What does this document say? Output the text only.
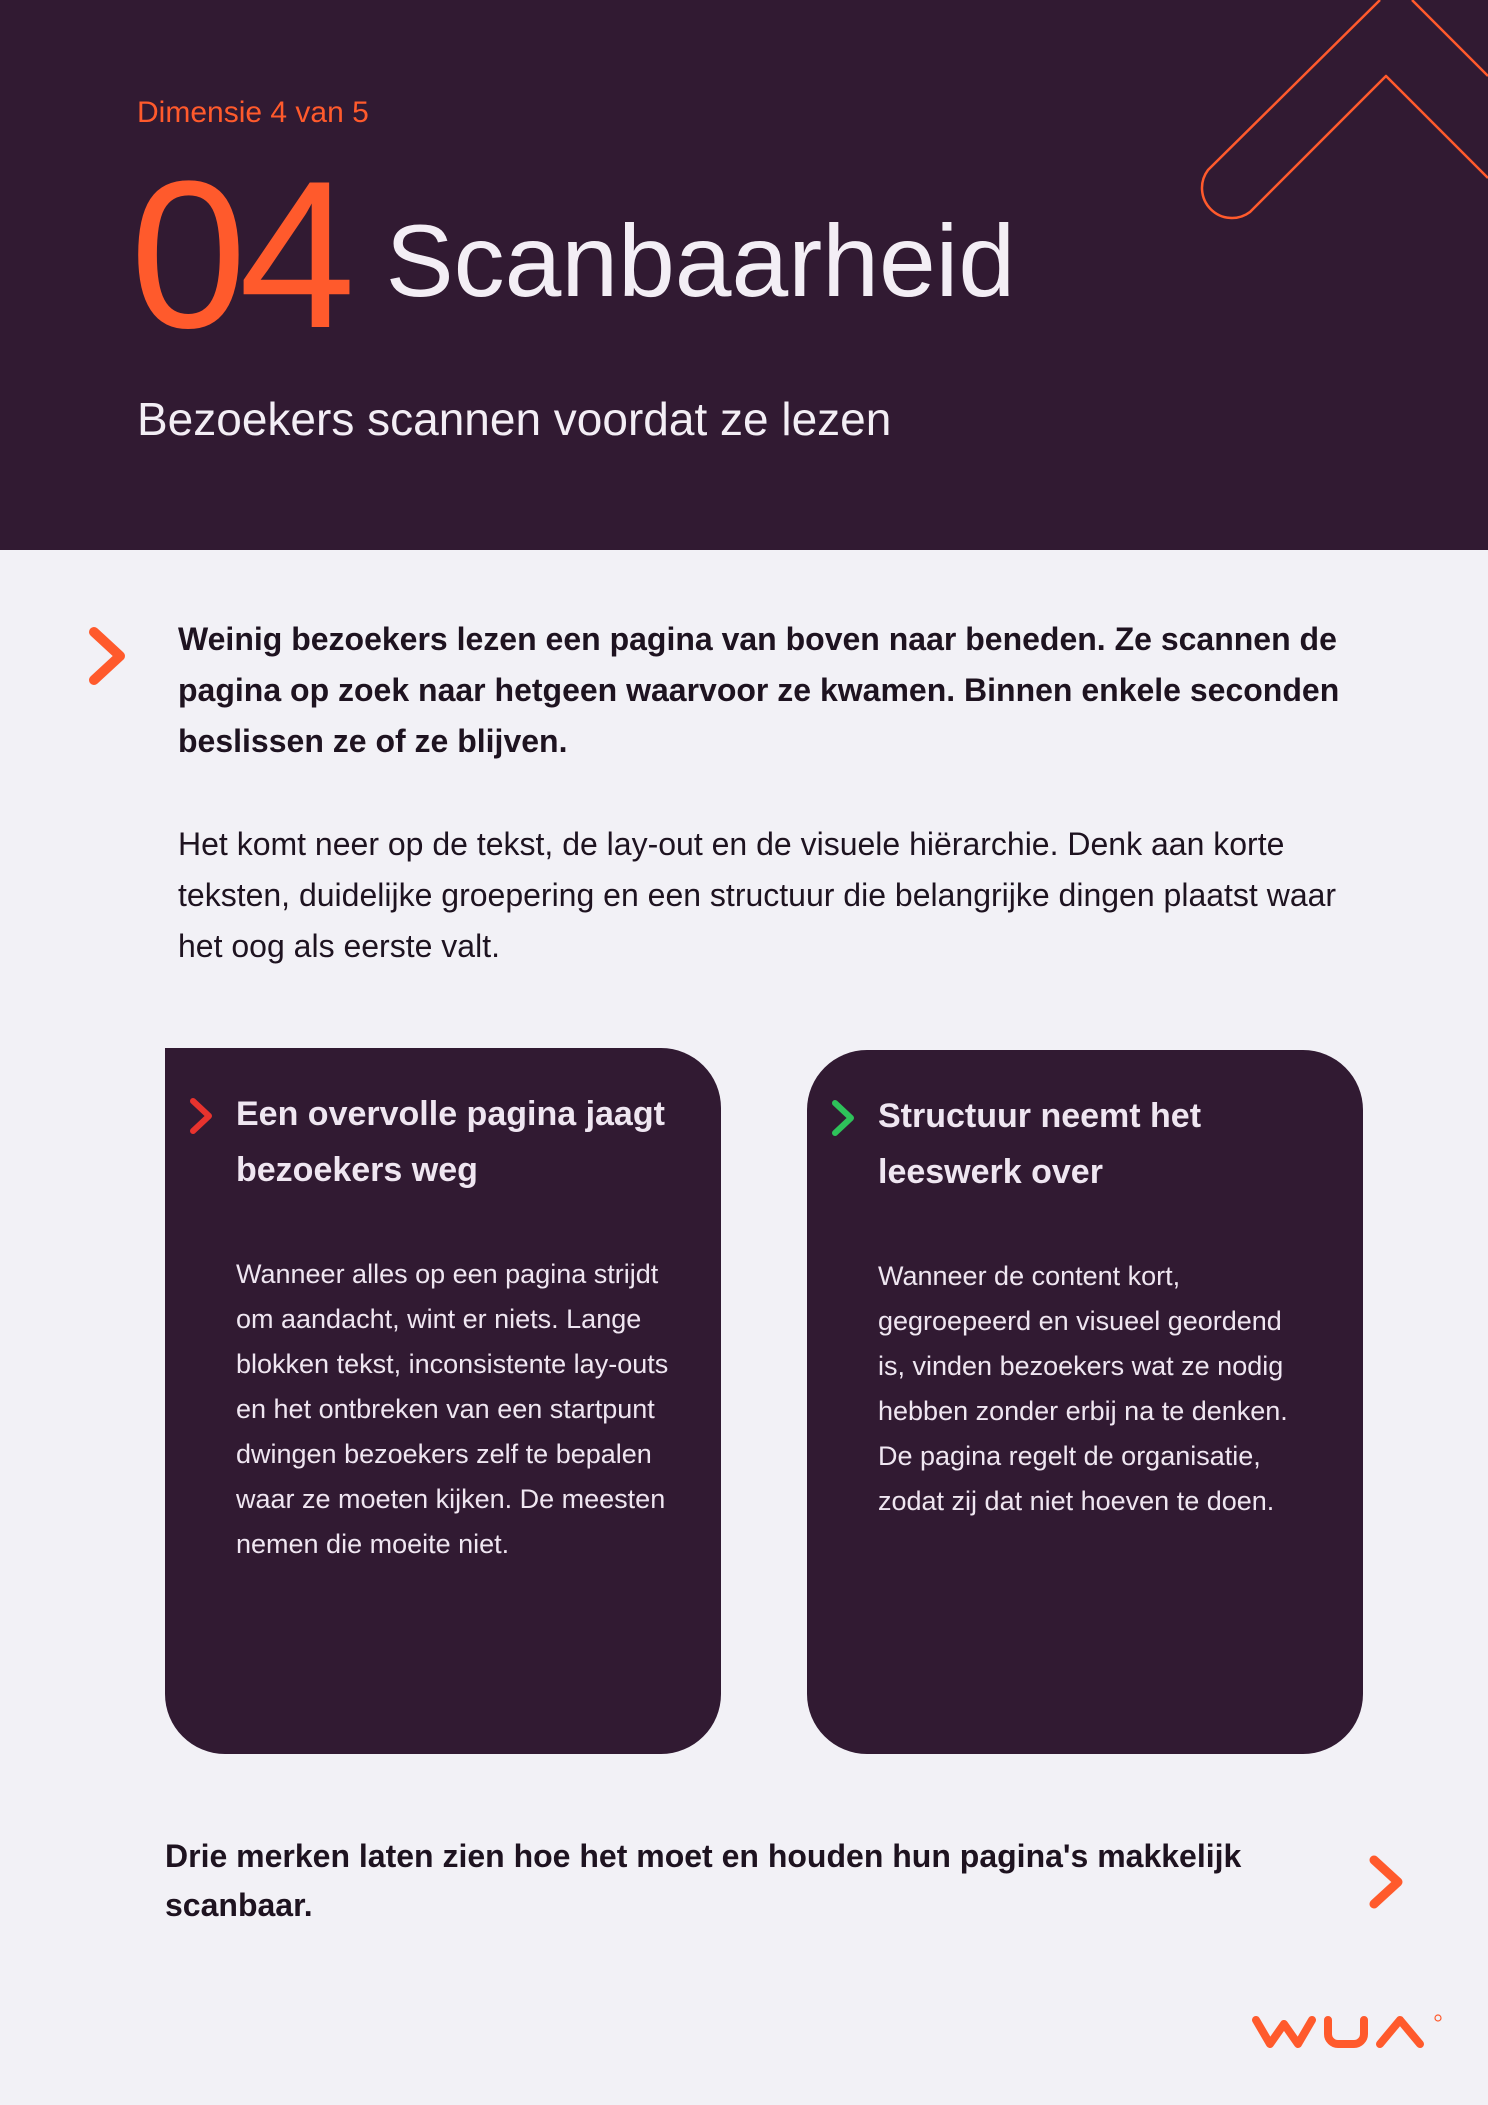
Dimensie 4 van 5
04 Scanbaarheid
Bezoekers scannen voordat ze lezen
Weinig bezoekers lezen een pagina van boven naar beneden. Ze scannen de pagina op zoek naar hetgeen waarvoor ze kwamen. Binnen enkele seconden beslissen ze of ze blijven.
Het komt neer op de tekst, de lay-out en de visuele hiërarchie. Denk aan korte teksten, duidelijke groepering en een structuur die belangrijke dingen plaatst waar het oog als eerste valt.
Een overvolle pagina jaagt bezoekers weg
Wanneer alles op een pagina strijdt om aandacht, wint er niets. Lange blokken tekst, inconsistente lay-outs en het ontbreken van een startpunt dwingen bezoekers zelf te bepalen waar ze moeten kijken. De meesten nemen die moeite niet.
Structuur neemt het leeswerk over
Wanneer de content kort, gegroepeerd en visueel geordend is, vinden bezoekers wat ze nodig hebben zonder erbij na te denken. De pagina regelt de organisatie, zodat zij dat niet hoeven te doen.
Drie merken laten zien hoe het moet en houden hun pagina's makkelijk scanbaar.
